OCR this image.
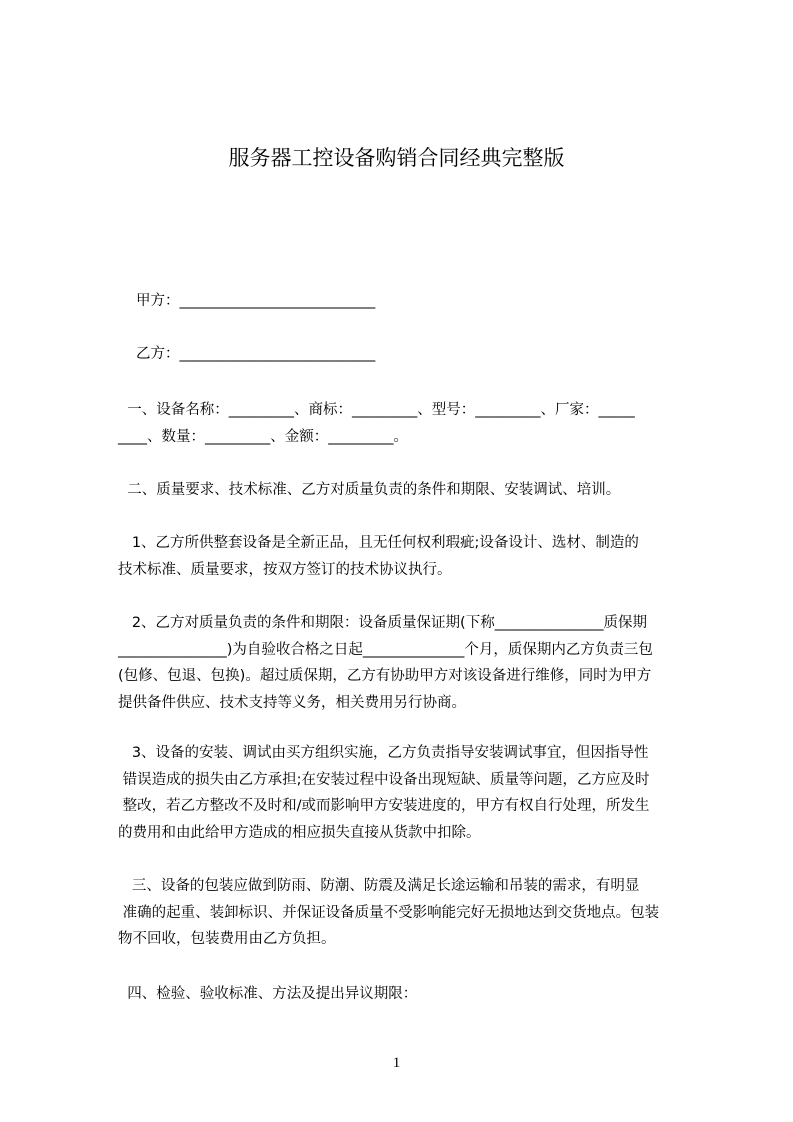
服务器工控设备购销合同经典完整版
甲方：___________________________
乙方：___________________________
一、设备名称：_________、商标：_________、型号：_________、厂家：_____
____、数量：_________、金额：_________。
二、质量要求、技术标准、乙方对质量负责的条件和期限、安装调试、培训。
1、乙方所供整套设备是全新正品，且无任何权利瑕疵;设备设计、选材、制造的
技术标准、质量要求，按双方签订的技术协议执行。
2、乙方对质量负责的条件和期限：设备质量保证期(下称_______________质保期
_______________)为自验收合格之日起______________个月，质保期内乙方负责三包
(包修、包退、包换)。超过质保期，乙方有协助甲方对该设备进行维修，同时为甲方
提供备件供应、技术支持等义务，相关费用另行协商。
3、设备的安装、调试由买方组织实施，乙方负责指导安装调试事宜，但因指导性
错误造成的损失由乙方承担;在安装过程中设备出现短缺、质量等问题，乙方应及时
整改，若乙方整改不及时和/或而影响甲方安装进度的，甲方有权自行处理，所发生
的费用和由此给甲方造成的相应损失直接从货款中扣除。
三、设备的包装应做到防雨、防潮、防震及满足长途运输和吊装的需求，有明显
准确的起重、装卸标识、并保证设备质量不受影响能完好无损地达到交货地点。包装
物不回收，包装费用由乙方负担。
四、检验、验收标准、方法及提出异议期限：
1
